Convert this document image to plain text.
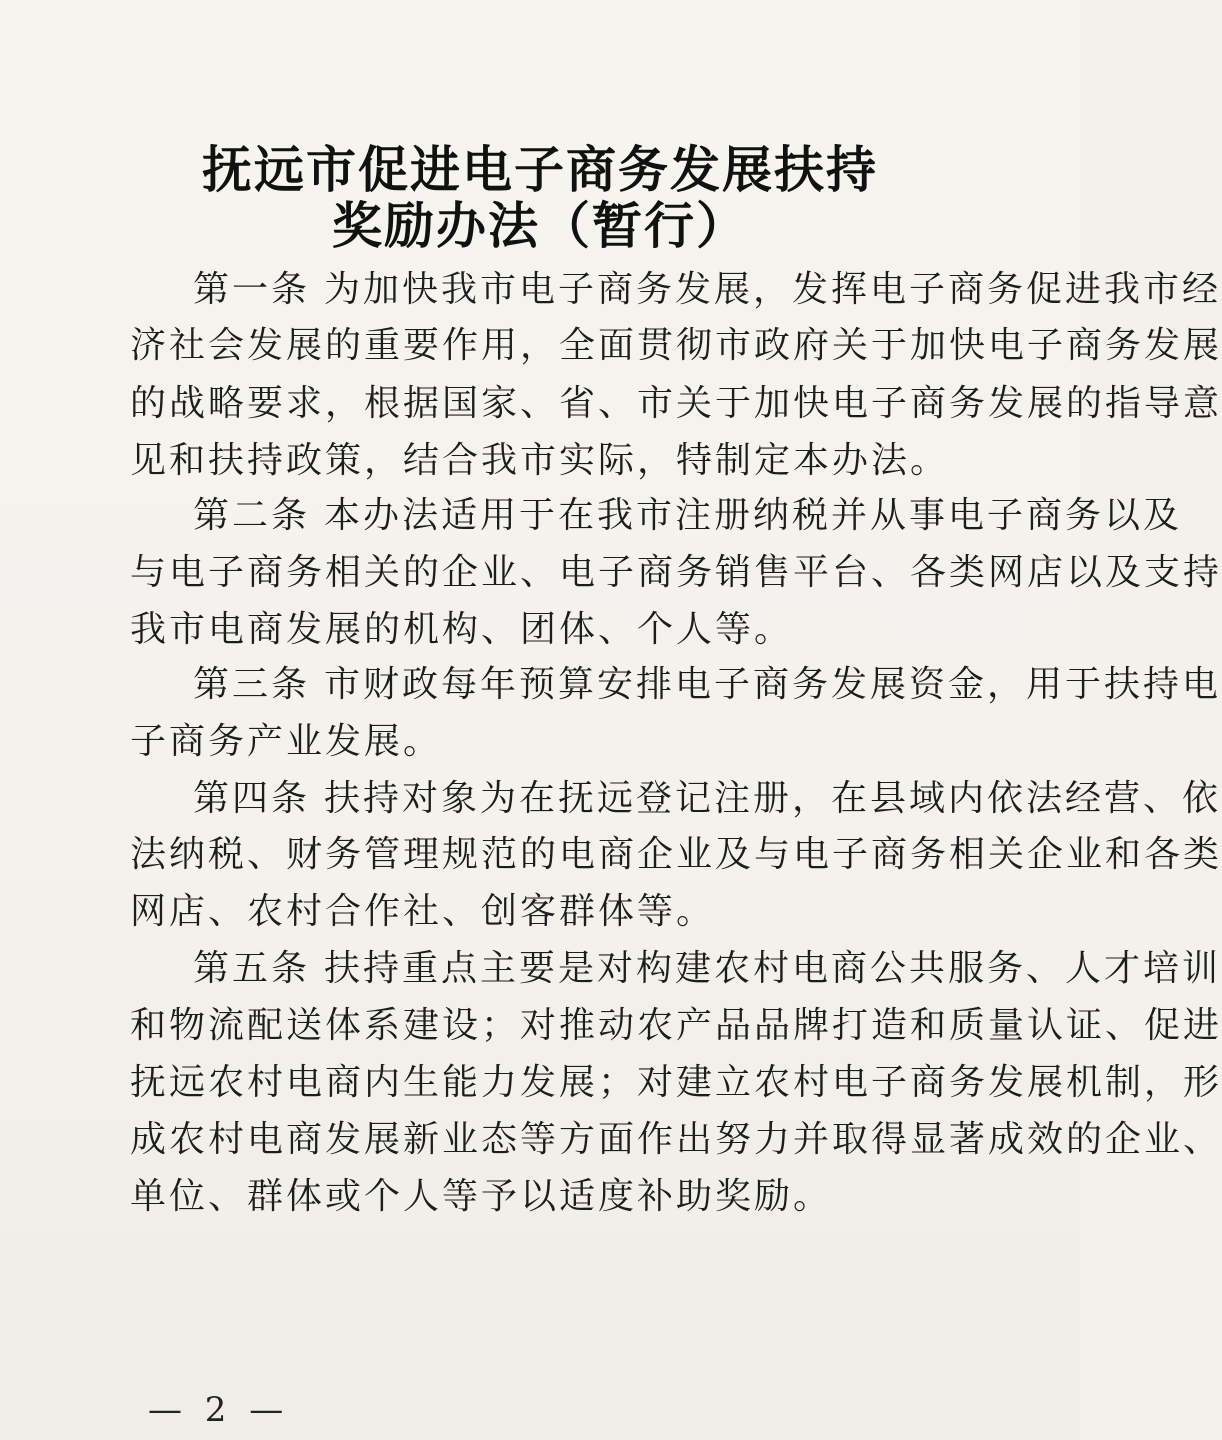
抚远市促进电子商务发展扶持
奖励办法（暂行）
第一条 为加快我市电子商务发展，发挥电子商务促进我市经
济社会发展的重要作用，全面贯彻市政府关于加快电子商务发展
的战略要求，根据国家、省、市关于加快电子商务发展的指导意
见和扶持政策，结合我市实际，特制定本办法。
第二条 本办法适用于在我市注册纳税并从事电子商务以及
与电子商务相关的企业、电子商务销售平台、各类网店以及支持
我市电商发展的机构、团体、个人等。
第三条 市财政每年预算安排电子商务发展资金，用于扶持电
子商务产业发展。
第四条 扶持对象为在抚远登记注册，在县域内依法经营、依
法纳税、财务管理规范的电商企业及与电子商务相关企业和各类
网店、农村合作社、创客群体等。
第五条 扶持重点主要是对构建农村电商公共服务、人才培训
和物流配送体系建设；对推动农产品品牌打造和质量认证、促进
抚远农村电商内生能力发展；对建立农村电子商务发展机制，形
成农村电商发展新业态等方面作出努力并取得显著成效的企业、
单位、群体或个人等予以适度补助奖励。
— 2 —
